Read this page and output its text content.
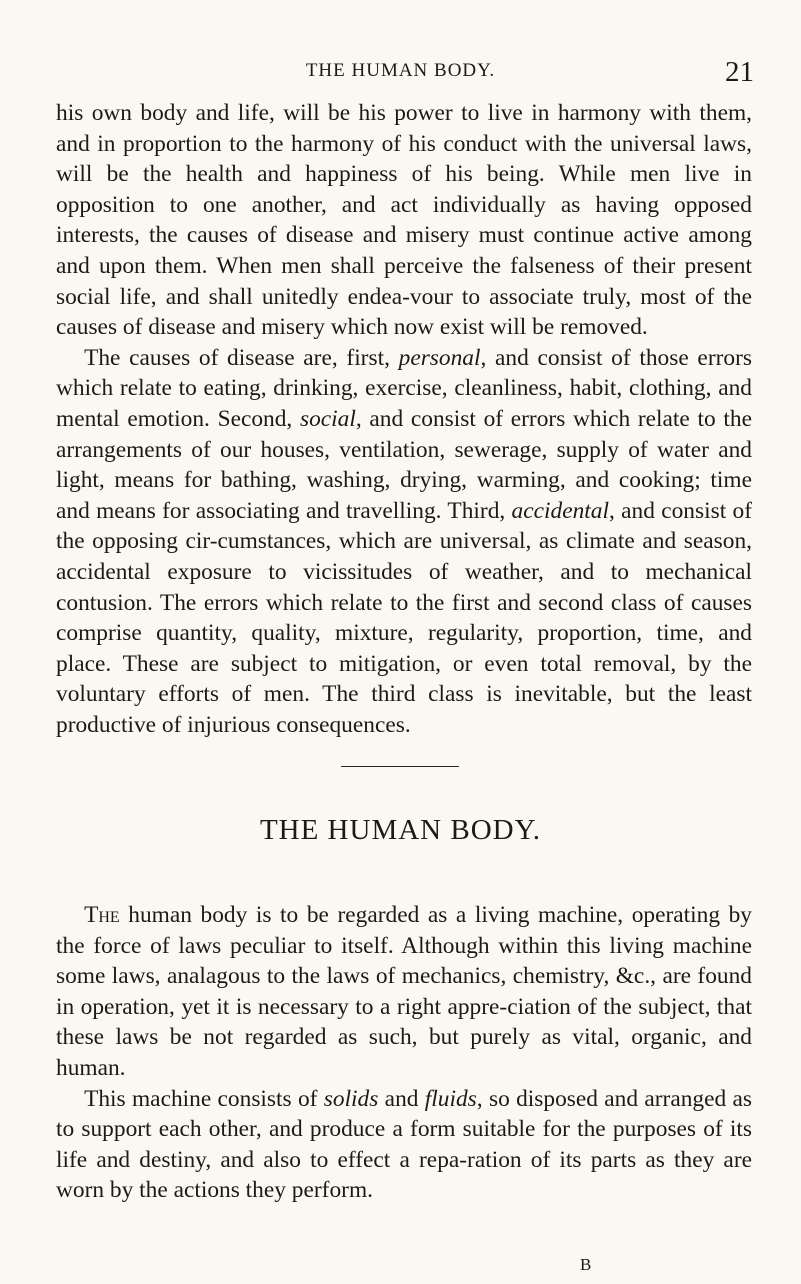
THE HUMAN BODY.	21

his own body and life, will be his power to live in harmony with them, and in proportion to the harmony of his conduct with the universal laws, will be the health and happiness of his being. While men live in opposition to one another, and act individually as having opposed interests, the causes of disease and misery must continue active among and upon them. When men shall perceive the falseness of their present social life, and shall unitedly endea-vour to associate truly, most of the causes of disease and misery which now exist will be removed.

The causes of disease are, first, personal, and consist of those errors which relate to eating, drinking, exercise, cleanliness, habit, clothing, and mental emotion. Second, social, and consist of errors which relate to the arrangements of our houses, ventilation, sewerage, supply of water and light, means for bathing, washing, drying, warming, and cooking; time and means for associating and travelling. Third, accidental, and consist of the opposing cir-cumstances, which are universal, as climate and season, accidental exposure to vicissitudes of weather, and to mechanical contusion. The errors which relate to the first and second class of causes comprise quantity, quality, mixture, regularity, proportion, time, and place. These are subject to mitigation, or even total removal, by the voluntary efforts of men. The third class is inevitable, but the least productive of injurious consequences.

THE HUMAN BODY.

The human body is to be regarded as a living machine, operating by the force of laws peculiar to itself. Although within this living machine some laws, analagous to the laws of mechanics, chemistry, &c., are found in operation, yet it is necessary to a right appre-ciation of the subject, that these laws be not regarded as such, but purely as vital, organic, and human.

This machine consists of solids and fluids, so disposed and arranged as to support each other, and produce a form suitable for the purposes of its life and destiny, and also to effect a repa-ration of its parts as they are worn by the actions they perform.

B
